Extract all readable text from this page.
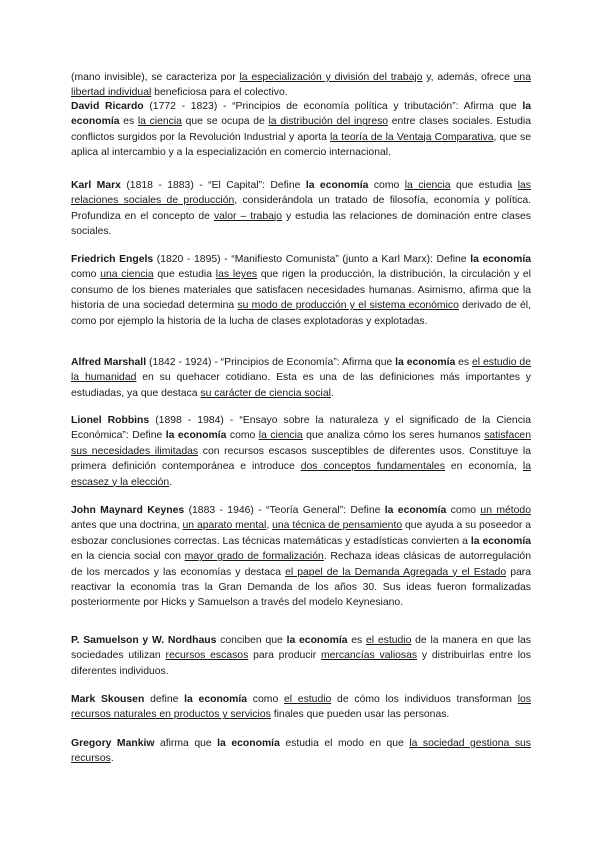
(mano invisible), se caracteriza por la especialización y división del trabajo y, además, ofrece una libertad individual beneficiosa para el colectivo.

David Ricardo (1772 - 1823) - “Principios de economía política y tributación”: Afirma que la economía es la ciencia que se ocupa de la distribución del ingreso entre clases sociales. Estudia conflictos surgidos por la Revolución Industrial y aporta la teoría de la Ventaja Comparativa, que se aplica al intercambio y a la especialización en comercio internacional.

Karl Marx (1818 - 1883) - “El Capital”: Define la economía como la ciencia que estudia las relaciones sociales de producción, considerándola un tratado de filosofía, economía y política. Profundiza en el concepto de valor – trabajo y estudia las relaciones de dominación entre clases sociales.

Friedrich Engels (1820 - 1895) - “Manifiesto Comunista” (junto a Karl Marx): Define la economía como una ciencia que estudia las leyes que rigen la producción, la distribución, la circulación y el consumo de los bienes materiales que satisfacen necesidades humanas. Asimismo, afirma que la historia de una sociedad determina su modo de producción y el sistema económico derivado de él, como por ejemplo la historia de la lucha de clases explotadoras y explotadas.

Alfred Marshall (1842 - 1924) - “Principios de Economía”: Afirma que la economía es el estudio de la humanidad en su quehacer cotidiano. Esta es una de las definiciones más importantes y estudiadas, ya que destaca su carácter de ciencia social.

Lionel Robbins (1898 - 1984) - “Ensayo sobre la naturaleza y el significado de la Ciencia Económica”: Define la economía como la ciencia que analiza cómo los seres humanos satisfacen sus necesidades ilimitadas con recursos escasos susceptibles de diferentes usos. Constituye la primera definición contemporánea e introduce dos conceptos fundamentales en economía, la escasez y la elección.

John Maynard Keynes (1883 - 1946) - “Teoría General”: Define la economía como un método antes que una doctrina, un aparato mental, una técnica de pensamiento que ayuda a su poseedor a esbozar conclusiones correctas. Las técnicas matemáticas y estadísticas convierten a la economía en la ciencia social con mayor grado de formalización. Rechaza ideas clásicas de autorregulación de los mercados y las economías y destaca el papel de la Demanda Agregada y el Estado para reactivar la economía tras la Gran Demanda de los años 30. Sus ideas fueron formalizadas posteriormente por Hicks y Samuelson a través del modelo Keynesiano.

P. Samuelson y W. Nordhaus conciben que la economía es el estudio de la manera en que las sociedades utilizan recursos escasos para producir mercancías valiosas y distribuirlas entre los diferentes individuos.

Mark Skousen define la economía como el estudio de cómo los individuos transforman los recursos naturales en productos y servicios finales que pueden usar las personas.

Gregory Mankiw afirma que la economía estudia el modo en que la sociedad gestiona sus recursos.
